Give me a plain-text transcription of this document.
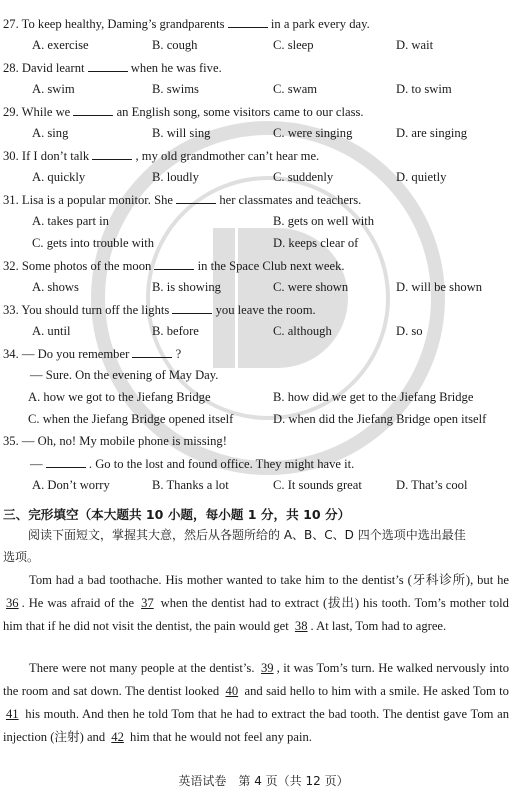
27. To keep healthy, Daming’s grandparents	in a park every day.
A. exercise	B. cough	C. sleep	D. wait
28. David learnt	when he was five.
A. swim	B. swims	C. swam	D. to swim
29. While we	an English song, some visitors came to our class.
A. sing	B. will sing	C. were singing	D. are singing
30. If I don’t talk	, my old grandmother can’t hear me.
A. quickly	B. loudly	C. suddenly	D. quietly
31. Lisa is a popular monitor. She	her classmates and teachers.
A. takes part in	B. gets on well with
C. gets into trouble with	D. keeps clear of
32. Some photos of the moon	in the Space Club next week.
A. shows	B. is showing	C. were shown	D. will be shown
33. You should turn off the lights	you leave the room.
A. until	B. before	C. although	D. so
34. — Do you remember	?
— Sure. On the evening of May Day.
A. how we got to the Jiefang Bridge	B. how did we get to the Jiefang Bridge
C. when the Jiefang Bridge opened itself	D. when did the Jiefang Bridge open itself
35. — Oh, no! My mobile phone is missing!
—	. Go to the lost and found office. They might have it.
A. Don’t worry	B. Thanks a lot	C. It sounds great	D. That’s cool
三、完形填空（本大题共 10 小题，每小题 1 分，共 10 分）
阅读下面短文，掌握其大意，然后从各题所给的 A、B、C、D 四个选项中选出最佳
选项。
Tom had a bad toothache. His mother wanted to take him to the dentist’s (牙科诊所), but he 36 . He was afraid of the 37 when the dentist had to extract (拔出) his tooth. Tom’s mother told him that if he did not visit the dentist, the pain would get 38 . At last, Tom had to agree.
There were not many people at the dentist’s. 39 , it was Tom’s turn. He walked nervously into the room and sat down. The dentist looked 40 and said hello to him with a smile. He asked Tom to 41 his mouth. And then he told Tom that he had to extract the bad tooth. The dentist gave Tom an injection (注射) and 42 him that he would not feel any pain.
英语试卷　第 4 页（共 12 页）
